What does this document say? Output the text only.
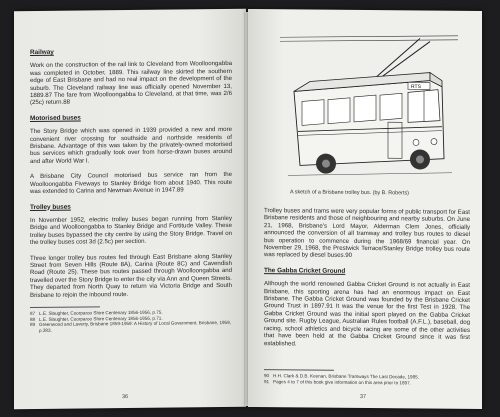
Railway

Work on the construction of the rail link to Cleveland from Woolloongabba was completed in October, 1889. This railway line skirted the southern edge of East Brisbane and had no real impact on the development of the suburb. The Cleveland railway line was officially opened November 13, 1889.87 The fare from Woolloongabba to Cleveland, at that time, was 2/6 (25c) return.88

Motorised buses

The Story Bridge which was opened in 1939 provided a new and more convenient river crossing for southside and northside residents of Brisbane. Advantage of this was taken by the privately-owned motorised bus services which gradually took over from horse-drawn buses around and after World War I.

A Brisbane City Council motorised bus service ran from the Woolloongabba Fiveways to Stanley Bridge from about 1940. This route was extended to Carina and Newman Avenue in 1947.89

Trolley buses

In November 1952, electric trolley buses began running from Stanley Bridge and Woolloongabba to Stanley Bridge and Fortitude Valley. These trolley buses bypassed the city centre by using the Story Bridge. Travel on the trolley buses cost 3d (2.5c) per section.

Three longer trolley bus routes fed through East Brisbane along Stanley Street from Seven Hills (Route 8A), Carina (Route 8C) and Cavendish Road (Route 25). These bus routes passed through Woolloongabba and travelled over the Story Bridge to enter the city via Ann and Queen Streets. They departed from North Quay to return via Victoria Bridge and South Brisbane to rejoin the inbound route.

87 L.E. Slaughter, Coorparoo Shire Centenary 1856-1956, p.75.

88 L.E. Slaughter, Coorparoo Shire Centenary 1856-1956, p.71.

89 Greenwood and Laverty, Brisbane 1859-1959: A History of Local Government, Brisbane, 1959, p.383.

36
RTS
A sketch of a Brisbane trolley bus. (by B. Roberts)

Trolley buses and trams were very popular forms of public transport for East Brisbane residents and those of neighbouring and nearby suburbs. On June 21, 1968, Brisbane's Lord Mayor, Alderman Clem Jones, officially announced the conversion of all tramway and trolley bus routes to diesel bus operation to commence during the 1968/69 financial year. On November 29, 1968, the Prestwick Terrace/Stanley Bridge trolley bus route was replaced by diesel buses.90

The Gabba Cricket Ground

Although the world renowned Gabba Cricket Ground is not actually in East Brisbane, this sporting arena has had an enormous impact on East Brisbane. The Gabba Cricket Ground was founded by the Brisbane Cricket Ground Trust in 1897.91 It was the venue for the first Test in 1928. The Gabba Cricket Ground was the initial sport played on the Gabba Cricket Ground site. Rugby League, Australian Rules football (A.F.L.), baseball, dog racing, school athletics and bicycle racing are some of the other activities that have been held at the Gabba Cricket Ground since it was first established.

90 H.H. Clark & D.B. Keenan, Brisbane Tramways The Last Decade, 1985.

91 Pages 4 to 7 of this book give information on this area prior to 1897.

37
